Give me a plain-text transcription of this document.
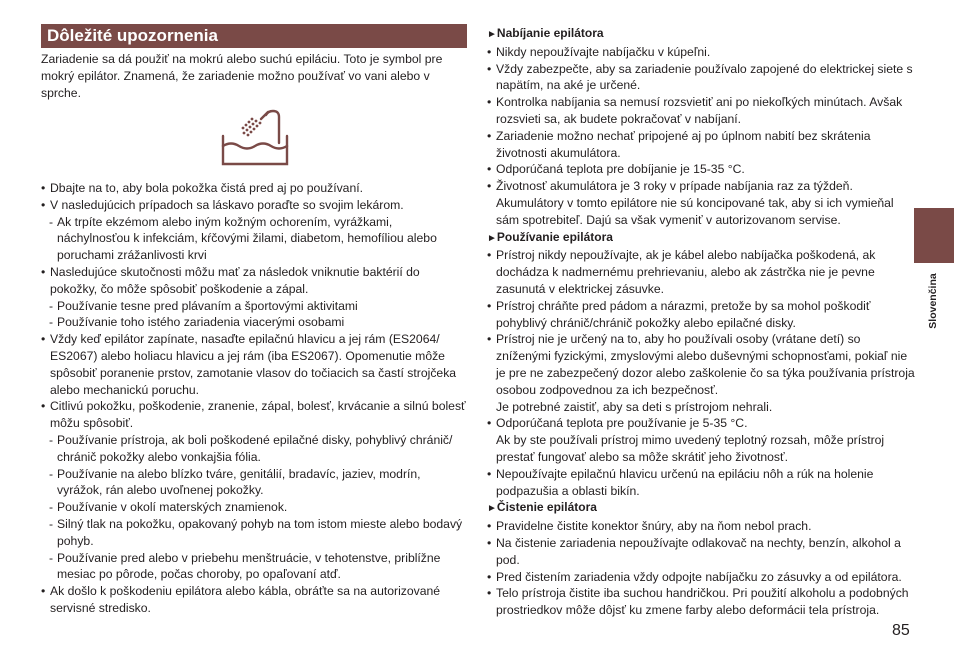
Dôležité upozornenia

Zariadenie sa dá použiť na mokrú alebo suchú epiláciu. Toto je symbol pre mokrý epilátor. Znamená, že zariadenie možno používať vo vani alebo v sprche.

• Dbajte na to, aby bola pokožka čistá pred aj po používaní.
• V nasledujúcich prípadoch sa láskavo poraďte so svojim lekárom.
- Ak trpíte ekzémom alebo iným kožným ochorením, vyrážkami, náchylnosťou k infekciám, kŕčovými žilami, diabetom, hemofíliou alebo poruchami zrážanlivosti krvi
• Nasledujúce skutočnosti môžu mať za následok vniknutie baktérií do pokožky, čo môže spôsobiť poškodenie a zápal.
- Používanie tesne pred plávaním a športovými aktivitami
- Používanie toho istého zariadenia viacerými osobami
• Vždy keď epilátor zapínate, nasaďte epilačnú hlavicu a jej rám (ES2064/ ES2067) alebo holiacu hlavicu a jej rám (iba ES2067). Opomenutie môže spôsobiť poranenie prstov, zamotanie vlasov do točiacich sa častí strojčeka alebo mechanickú poruchu.
• Citlivú pokožku, poškodenie, zranenie, zápal, bolesť, krvácanie a silnú bolesť môžu spôsobiť.
- Používanie prístroja, ak boli poškodené epilačné disky, pohyblivý chránič/ chránič pokožky alebo vonkajšia fólia.
- Používanie na alebo blízko tváre, genitálií, bradavíc, jaziev, modrín, vyrážok, rán alebo uvoľnenej pokožky.
- Používanie v okolí materských znamienok.
- Silný tlak na pokožku, opakovaný pohyb na tom istom mieste alebo bodavý pohyb.
- Používanie pred alebo v priebehu menštruácie, v tehotenstve, priblížne mesiac po pôrode, počas choroby, po opaľovaní atď.
• Ak došlo k poškodeniu epilátora alebo kábla, obráťte sa na autorizované servisné stredisko.
►Nabíjanie epilátora
• Nikdy nepoužívajte nabíjačku v kúpeľni.
• Vždy zabezpečte, aby sa zariadenie používalo zapojené do elektrickej siete s napätím, na aké je určené.
• Kontrolka nabíjania sa nemusí rozsvietiť ani po niekoľkých minútach. Avšak rozsvieti sa, ak budete pokračovať v nabíjaní.
• Zariadenie možno nechať pripojené aj po úplnom nabití bez skrátenia životnosti akumulátora.
• Odporúčaná teplota pre dobíjanie je 15-35 °C.
• Životnosť akumulátora je 3 roky v prípade nabíjania raz za týždeň.
Akumulátory v tomto epilátore nie sú koncipované tak, aby si ich vymieňal sám spotrebiteľ. Dajú sa však vymeniť v autorizovanom servise.
►Používanie epilátora
• Prístroj nikdy nepoužívajte, ak je kábel alebo nabíjačka poškodená, ak dochádza k nadmernému prehrievaniu, alebo ak zástrčka nie je pevne zasunutá v elektrickej zásuvke.
• Prístroj chráňte pred pádom a nárazmi, pretože by sa mohol poškodiť pohyblivý chránič/chránič pokožky alebo epilačné disky.
• Prístroj nie je určený na to, aby ho používali osoby (vrátane detí) so zníženými fyzickými, zmyslovými alebo duševnými schopnosťami, pokiaľ nie je pre ne zabezpečený dozor alebo zaškolenie čo sa týka používania prístroja osobou zodpovednou za ich bezpečnosť.
Je potrebné zaistiť, aby sa deti s prístrojom nehrali.
• Odporúčaná teplota pre používanie je 5-35 °C.
Ak by ste používali prístroj mimo uvedený teplotný rozsah, môže prístroj prestať fungovať alebo sa môže skrátiť jeho životnosť.
• Nepoužívajte epilačnú hlavicu určenú na epiláciu nôh a rúk na holenie podpazušia a oblasti bikín.
►Čistenie epilátora
• Pravidelne čistite konektor šnúry, aby na ňom nebol prach.
• Na čistenie zariadenia nepoužívajte odlakovač na nechty, benzín, alkohol a pod.
• Pred čistením zariadenia vždy odpojte nabíjačku zo zásuvky a od epilátora.
• Telo prístroja čistite iba suchou handričkou. Pri použití alkoholu a podobných prostriedkov môže dôjsť ku zmene farby alebo deformácii tela prístroja.
Slovenčina
85
